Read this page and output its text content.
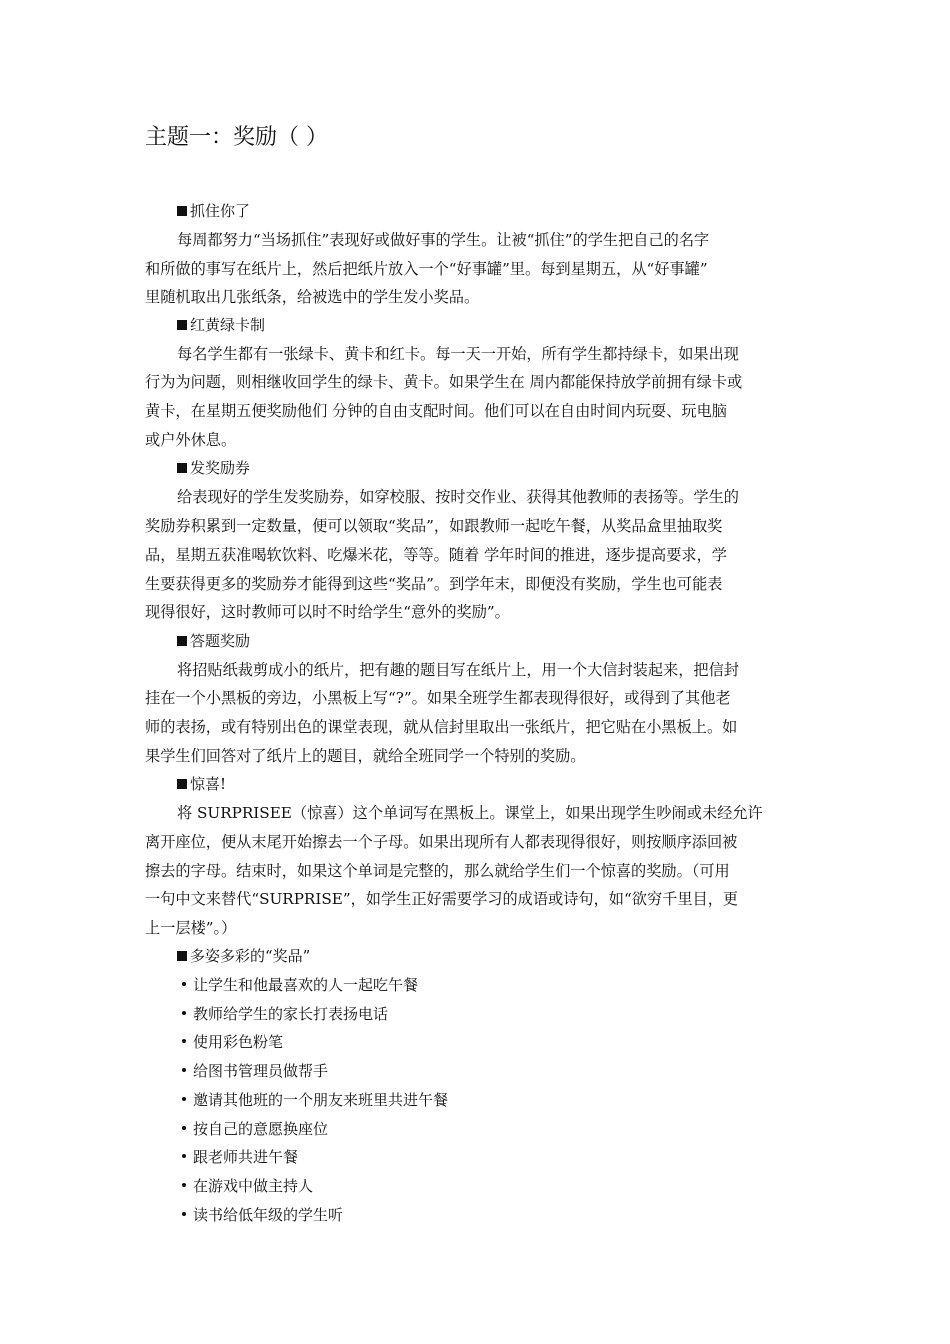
主题一：奖励（ ）
抓住你了
每周都努力“当场抓住”表现好或做好事的学生。让被“抓住”的学生把自己的名字
和所做的事写在纸片上，然后把纸片放入一个“好事罐”里。每到星期五，从“好事罐”
里随机取出几张纸条，给被选中的学生发小奖品。
红黄绿卡制
每名学生都有一张绿卡、黄卡和红卡。每一天一开始，所有学生都持绿卡，如果出现
行为为问题，则相继收回学生的绿卡、黄卡。如果学生在 周内都能保持放学前拥有绿卡或
黄卡，在星期五便奖励他们 分钟的自由支配时间。他们可以在自由时间内玩耍、玩电脑
或户外休息。
发奖励券
给表现好的学生发奖励券，如穿校服、按时交作业、获得其他教师的表扬等。学生的
奖励券积累到一定数量，便可以领取“奖品”，如跟教师一起吃午餐，从奖品盒里抽取奖
品，星期五获准喝软饮料、吃爆米花，等等。随着 学年时间的推进，逐步提高要求，学
生要获得更多的奖励券才能得到这些“奖品”。到学年末，即便没有奖励，学生也可能表
现得很好，这时教师可以时不时给学生“意外的奖励”。
答题奖励
将招贴纸裁剪成小的纸片，把有趣的题目写在纸片上，用一个大信封装起来，把信封
挂在一个小黑板的旁边，小黑板上写“?”。如果全班学生都表现得很好，或得到了其他老
师的表扬，或有特别出色的课堂表现，就从信封里取出一张纸片，把它贴在小黑板上。如
果学生们回答对了纸片上的题目，就给全班同学一个特别的奖励。
惊喜!
将 SURPRISEE（惊喜）这个单词写在黑板上。课堂上，如果出现学生吵闹或未经允许
离开座位，便从末尾开始擦去一个子母。如果出现所有人都表现得很好，则按顺序添回被
擦去的字母。结束时，如果这个单词是完整的，那么就给学生们一个惊喜的奖励。（可用
一句中文来替代“SURPRISE”，如学生正好需要学习的成语或诗句，如“欲穷千里目，更
上一层楼”。）
多姿多彩的“奖品”
让学生和他最喜欢的人一起吃午餐
教师给学生的家长打表扬电话
使用彩色粉笔
给图书管理员做帮手
邀请其他班的一个朋友来班里共进午餐
按自己的意愿换座位
跟老师共进午餐
在游戏中做主持人
读书给低年级的学生听
